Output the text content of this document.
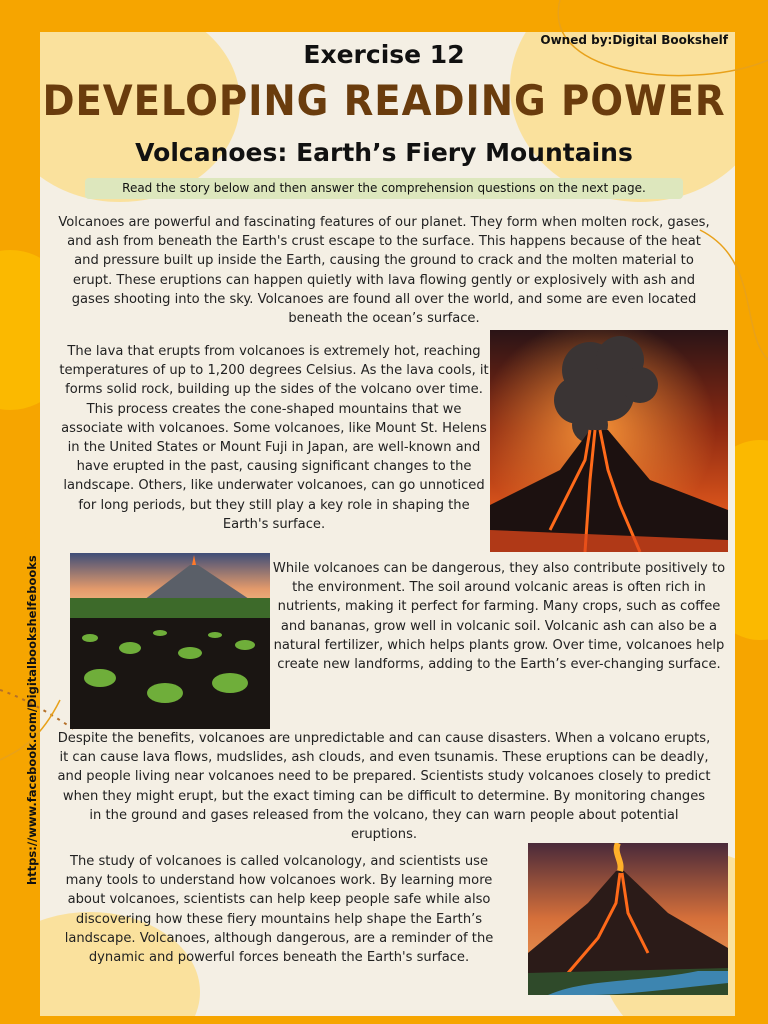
Owned by:Digital Bookshelf
Exercise 12
DEVELOPING READING POWER
Volcanoes: Earth’s Fiery Mountains
Read the story below and then answer the comprehension questions on the next page.

Volcanoes are powerful and fascinating features of our planet. They form when molten rock, gases, and ash from beneath the Earth's crust escape to the surface. This happens because of the heat and pressure built up inside the Earth, causing the ground to crack and the molten material to erupt. These eruptions can happen quietly with lava flowing gently or explosively with ash and gases shooting into the sky. Volcanoes are found all over the world, and some are even located beneath the ocean’s surface.

The lava that erupts from volcanoes is extremely hot, reaching temperatures of up to 1,200 degrees Celsius. As the lava cools, it forms solid rock, building up the sides of the volcano over time. This process creates the cone-shaped mountains that we associate with volcanoes. Some volcanoes, like Mount St. Helens in the United States or Mount Fuji in Japan, are well-known and have erupted in the past, causing significant changes to the landscape. Others, like underwater volcanoes, can go unnoticed for long periods, but they still play a key role in shaping the Earth's surface.

While volcanoes can be dangerous, they also contribute positively to the environment. The soil around volcanic areas is often rich in nutrients, making it perfect for farming. Many crops, such as coffee and bananas, grow well in volcanic soil. Volcanic ash can also be a natural fertilizer, which helps plants grow. Over time, volcanoes help create new landforms, adding to the Earth’s ever-changing surface.

Despite the benefits, volcanoes are unpredictable and can cause disasters. When a volcano erupts, it can cause lava flows, mudslides, ash clouds, and even tsunamis. These eruptions can be deadly, and people living near volcanoes need to be prepared. Scientists study volcanoes closely to predict when they might erupt, but the exact timing can be difficult to determine. By monitoring changes in the ground and gases released from the volcano, they can warn people about potential eruptions.

The study of volcanoes is called volcanology, and scientists use many tools to understand how volcanoes work. By learning more about volcanoes, scientists can help keep people safe while also discovering how these fiery mountains help shape the Earth’s landscape. Volcanoes, although dangerous, are a reminder of the dynamic and powerful forces beneath the Earth's surface.

https://www.facebook.com/Digitalbookshelfebooks
